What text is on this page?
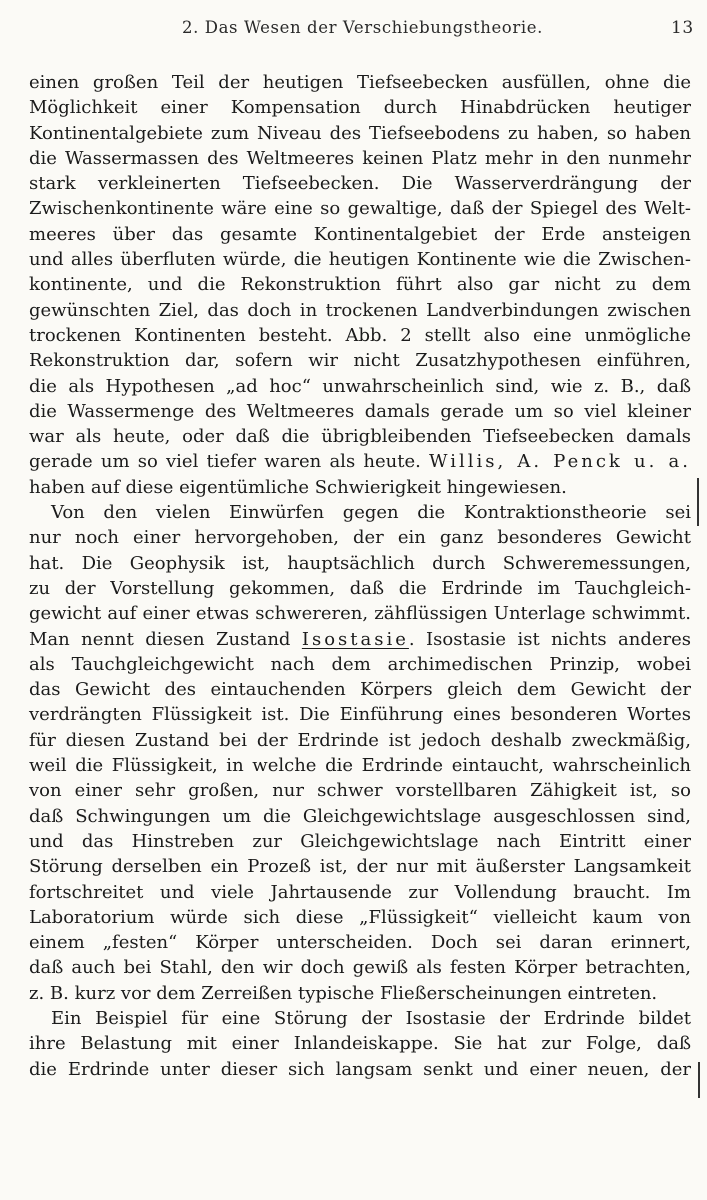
2. Das Wesen der Verschiebungstheorie.	13
einen großen Teil der heutigen Tiefseebecken ausfüllen, ohne die
Möglichkeit einer Kompensation durch Hinabdrücken heutiger
Kontinentalgebiete zum Niveau des Tiefseebodens zu haben, so haben
die Wassermassen des Weltmeeres keinen Platz mehr in den nunmehr
stark verkleinerten Tiefseebecken. Die Wasserverdrängung der
Zwischenkontinente wäre eine so gewaltige, daß der Spiegel des Welt-
meeres über das gesamte Kontinentalgebiet der Erde ansteigen
und alles überfluten würde, die heutigen Kontinente wie die Zwischen-
kontinente, und die Rekonstruktion führt also gar nicht zu dem
gewünschten Ziel, das doch in trockenen Landverbindungen zwischen
trockenen Kontinenten besteht. Abb. 2 stellt also eine unmögliche
Rekonstruktion dar, sofern wir nicht Zusatzhypothesen einführen,
die als Hypothesen „ad hoc“ unwahrscheinlich sind, wie z. B., daß
die Wassermenge des Weltmeeres damals gerade um so viel kleiner
war als heute, oder daß die übrigbleibenden Tiefseebecken damals
gerade um so viel tiefer waren als heute. Willis, A. Penck u. a.
haben auf diese eigentümliche Schwierigkeit hingewiesen.
Von den vielen Einwürfen gegen die Kontraktionstheorie sei
nur noch einer hervorgehoben, der ein ganz besonderes Gewicht
hat. Die Geophysik ist, hauptsächlich durch Schweremessungen,
zu der Vorstellung gekommen, daß die Erdrinde im Tauchgleich-
gewicht auf einer etwas schwereren, zähflüssigen Unterlage schwimmt.
Man nennt diesen Zustand Isostasie. Isostasie ist nichts anderes
als Tauchgleichgewicht nach dem archimedischen Prinzip, wobei
das Gewicht des eintauchenden Körpers gleich dem Gewicht der
verdrängten Flüssigkeit ist. Die Einführung eines besonderen Wortes
für diesen Zustand bei der Erdrinde ist jedoch deshalb zweckmäßig,
weil die Flüssigkeit, in welche die Erdrinde eintaucht, wahrscheinlich
von einer sehr großen, nur schwer vorstellbaren Zähigkeit ist, so
daß Schwingungen um die Gleichgewichtslage ausgeschlossen sind,
und das Hinstreben zur Gleichgewichtslage nach Eintritt einer
Störung derselben ein Prozeß ist, der nur mit äußerster Langsamkeit
fortschreitet und viele Jahrtausende zur Vollendung braucht. Im
Laboratorium würde sich diese „Flüssigkeit“ vielleicht kaum von
einem „festen“ Körper unterscheiden. Doch sei daran erinnert,
daß auch bei Stahl, den wir doch gewiß als festen Körper betrachten,
z. B. kurz vor dem Zerreißen typische Fließerscheinungen eintreten.
Ein Beispiel für eine Störung der Isostasie der Erdrinde bildet
ihre Belastung mit einer Inlandeiskappe. Sie hat zur Folge, daß
die Erdrinde unter dieser sich langsam senkt und einer neuen, der
